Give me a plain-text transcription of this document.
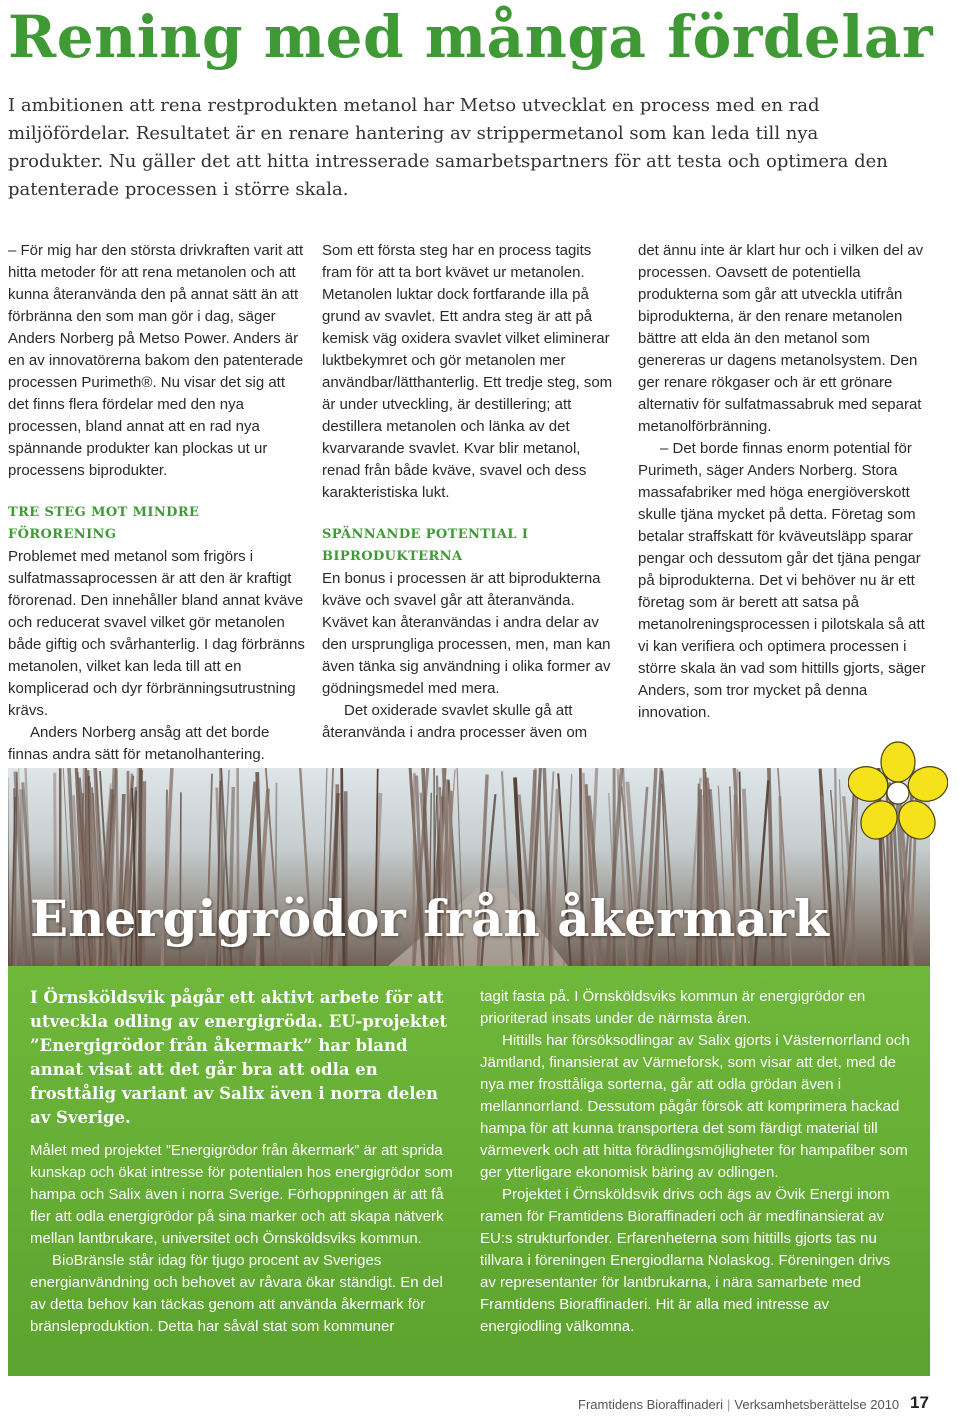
Rening med många fördelar

I ambitionen att rena restprodukten metanol har Metso utvecklat en process med en rad miljöfördelar. Resultatet är en renare hantering av strippermetanol som kan leda till nya produkter. Nu gäller det att hitta intresserade samarbetspartners för att testa och optimera den patenterade processen i större skala.

– För mig har den största drivkraften varit att hitta metoder för att rena metanolen och att kunna återanvända den på annat sätt än att förbränna den som man gör i dag, säger Anders Norberg på Metso Power. Anders är en av innovatörerna bakom den patenterade processen Purimeth®. Nu visar det sig att det finns flera fördelar med den nya processen, bland annat att en rad nya spännande produkter kan plockas ut ur processens biprodukter.

TRE STEG MOT MINDRE FÖRORENING

Problemet med metanol som frigörs i sulfatmassaprocessen är att den är kraftigt förorenad. Den innehåller bland annat kväve och reducerat svavel vilket gör metanolen både giftig och svårhanterlig. I dag förbränns metanolen, vilket kan leda till att en komplicerad och dyr förbränningsutrustning krävs.

Anders Norberg ansåg att det borde finnas andra sätt för metanolhantering.

Som ett första steg har en process tagits fram för att ta bort kvävet ur metanolen. Metanolen luktar dock fortfarande illa på grund av svavlet. Ett andra steg är att på kemisk väg oxidera svavlet vilket eliminerar luktbekymret och gör metanolen mer användbar/lätthanterlig. Ett tredje steg, som är under utveckling, är destillering; att destillera metanolen och länka av det kvarvarande svavlet. Kvar blir metanol, renad från både kväve, svavel och dess karakteristiska lukt.

SPÄNNANDE POTENTIAL I BIPRODUKTERNA

En bonus i processen är att biprodukterna kväve och svavel går att återanvända. Kvävet kan återanvändas i andra delar av den ursprungliga processen, men, man kan även tänka sig användning i olika former av gödningsmedel med mera.

Det oxiderade svavlet skulle gå att återanvända i andra processer även om

det ännu inte är klart hur och i vilken del av processen. Oavsett de potentiella produkterna som går att utveckla utifrån biprodukterna, är den renare metanolen bättre att elda än den metanol som genereras ur dagens metanolsystem. Den ger renare rökgaser och är ett grönare alternativ för sulfatmassabruk med separat metanolförbränning.

– Det borde finnas enorm potential för Purimeth, säger Anders Norberg. Stora massafabriker med höga energiöverskott skulle tjäna mycket på detta. Företag som betalar straffskatt för kväveutsläpp sparar pengar och dessutom går det tjäna pengar på biprodukterna. Det vi behöver nu är ett företag som är berett att satsa på metanolreningsprocessen i pilotskala så att vi kan verifiera och optimera processen i större skala än vad som hittills gjorts, säger Anders, som tror mycket på denna innovation.

Energigrödor från åkermark

I Örnsköldsvik pågår ett aktivt arbete för att utveckla odling av energigröda. EU-projektet ”Energigrödor från åkermark” har bland annat visat att det går bra att odla en frosttålig variant av Salix även i norra delen av Sverige.

Målet med projektet ”Energigrödor från åkermark” är att sprida kunskap och ökat intresse för potentialen hos energigrödor som hampa och Salix även i norra Sverige. Förhoppningen är att få fler att odla energigrödor på sina marker och att skapa nätverk mellan lantbrukare, universitet och Örnsköldsviks kommun.

BioBränsle står idag för tjugo procent av Sveriges energianvändning och behovet av råvara ökar ständigt. En del av detta behov kan täckas genom att använda åkermark för bränsleproduktion. Detta har såväl stat som kommuner

tagit fasta på. I Örnsköldsviks kommun är energigrödor en prioriterad insats under de närmsta åren.

Hittills har försöksodlingar av Salix gjorts i Västernorrland och Jämtland, finansierat av Värmeforsk, som visar att det, med de nya mer frosttåliga sorterna, går att odla grödan även i mellannorrland. Dessutom pågår försök att komprimera hackad hampa för att kunna transportera det som färdigt material till värmeverk och att hitta förädlingsmöjligheter för hampafiber som ger ytterligare ekonomisk bäring av odlingen.

Projektet i Örnsköldsvik drivs och ägs av Övik Energi inom ramen för Framtidens Bioraffinaderi och är medfinansierat av EU:s strukturfonder. Erfarenheterna som hittills gjorts tas nu tillvara i föreningen Energiodlarna Nolaskog. Föreningen drivs av representanter för lantbrukarna, i nära samarbete med Framtidens Bioraffinaderi. Hit är alla med intresse av energiodling välkomna.

Framtidens Bioraffinaderi | Verksamhetsberättelse 2010 17
